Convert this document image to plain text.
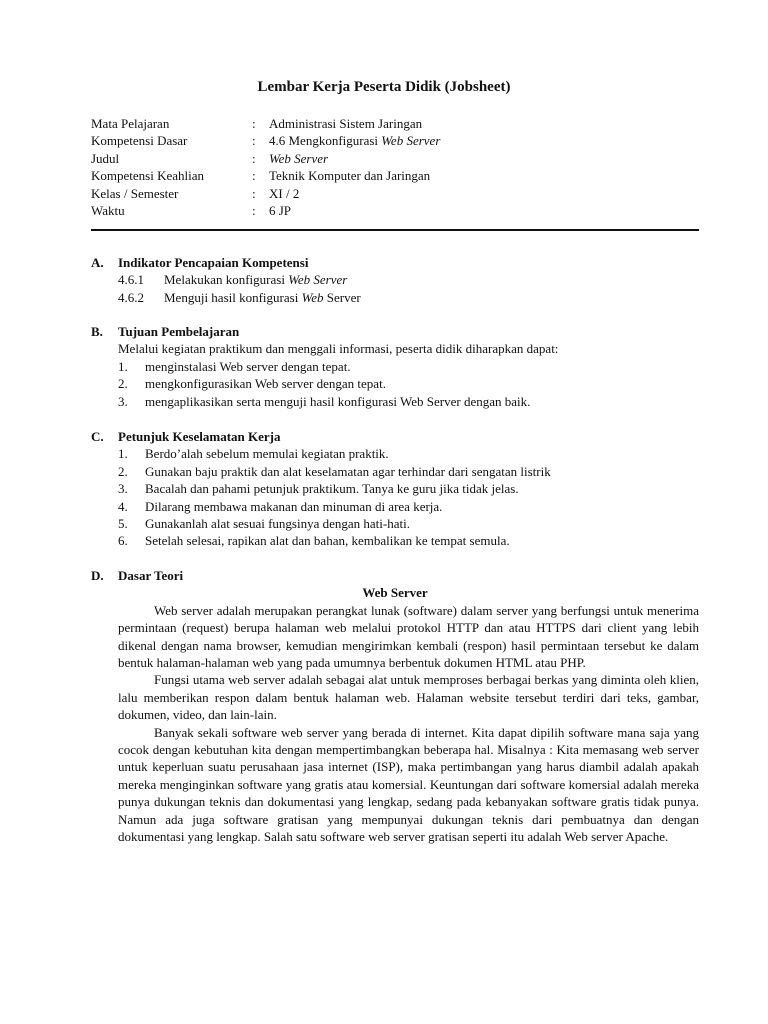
Lembar Kerja Peserta Didik (Jobsheet)
Mata Pelajaran	: Administrasi Sistem Jaringan
Kompetensi Dasar	: 4.6 Mengkonfigurasi Web Server
Judul	: Web Server
Kompetensi Keahlian	: Teknik Komputer dan Jaringan
Kelas / Semester	: XI / 2
Waktu	: 6 JP
A. Indikator Pencapaian Kompetensi
4.6.1 Melakukan konfigurasi Web Server
4.6.2 Menguji hasil konfigurasi Web Server
B. Tujuan Pembelajaran
Melalui kegiatan praktikum dan menggali informasi, peserta didik diharapkan dapat:
1. menginstalasi Web server dengan tepat.
2. mengkonfigurasikan Web server dengan tepat.
3. mengaplikasikan serta menguji hasil konfigurasi Web Server dengan baik.
C. Petunjuk Keselamatan Kerja
1. Berdo’alah sebelum memulai kegiatan praktik.
2. Gunakan baju praktik dan alat keselamatan agar terhindar dari sengatan listrik
3. Bacalah dan pahami petunjuk praktikum. Tanya ke guru jika tidak jelas.
4. Dilarang membawa makanan dan minuman di area kerja.
5. Gunakanlah alat sesuai fungsinya dengan hati-hati.
6. Setelah selesai, rapikan alat dan bahan, kembalikan ke tempat semula.
D. Dasar Teori
Web Server

Web server adalah merupakan perangkat lunak (software) dalam server yang berfungsi untuk menerima permintaan (request) berupa halaman web melalui protokol HTTP dan atau HTTPS dari client yang lebih dikenal dengan nama browser, kemudian mengirimkan kembali (respon) hasil permintaan tersebut ke dalam bentuk halaman-halaman web yang pada umumnya berbentuk dokumen HTML atau PHP.

Fungsi utama web server adalah sebagai alat untuk memproses berbagai berkas yang diminta oleh klien, lalu memberikan respon dalam bentuk halaman web. Halaman website tersebut terdiri dari teks, gambar, dokumen, video, dan lain-lain.

Banyak sekali software web server yang berada di internet. Kita dapat dipilih software mana saja yang cocok dengan kebutuhan kita dengan mempertimbangkan beberapa hal. Misalnya : Kita memasang web server untuk keperluan suatu perusahaan jasa internet (ISP), maka pertimbangan yang harus diambil adalah apakah mereka menginginkan software yang gratis atau komersial. Keuntungan dari software komersial adalah mereka punya dukungan teknis dan dokumentasi yang lengkap, sedang pada kebanyakan software gratis tidak punya. Namun ada juga software gratisan yang mempunyai dukungan teknis dari pembuatnya dan dengan dokumentasi yang lengkap. Salah satu software web server gratisan seperti itu adalah Web server Apache.
